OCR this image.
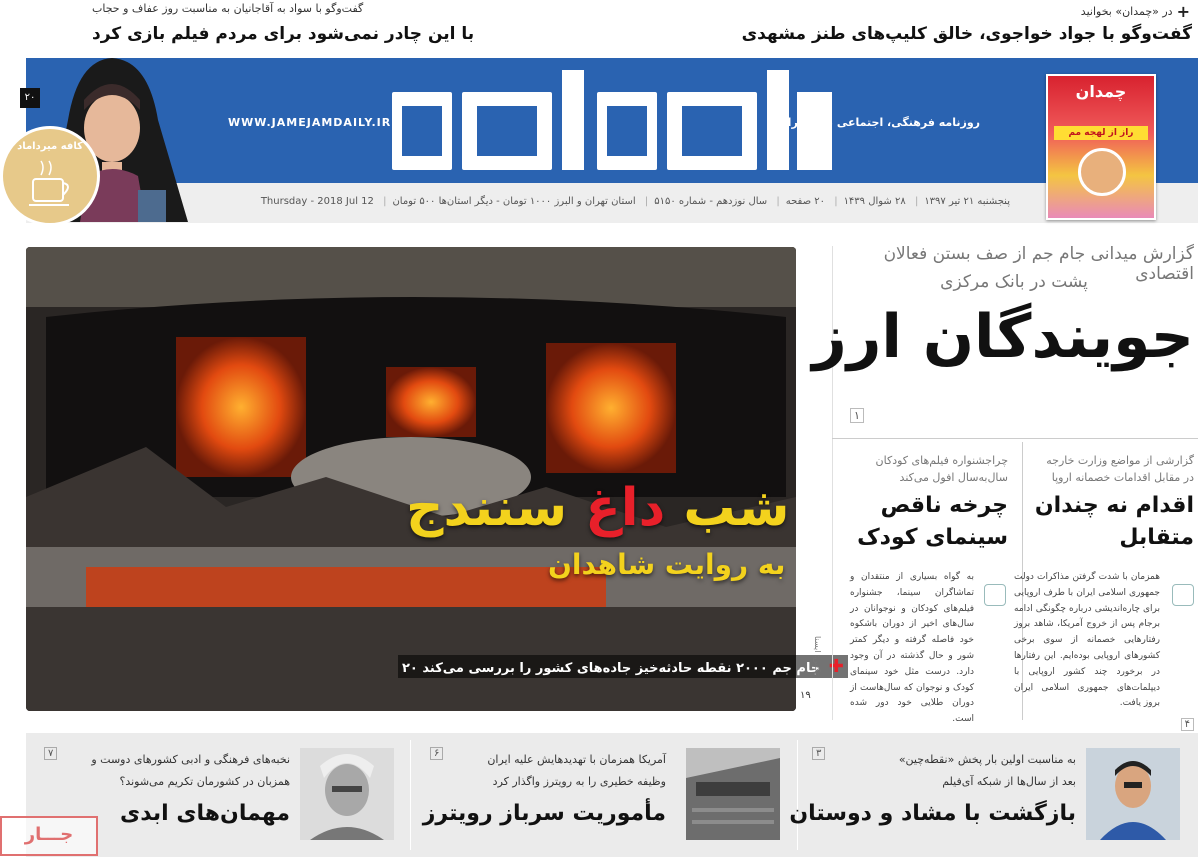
+
در «چمدان» بخوانید
گفت‌وگو با جواد خواجوی، خالق کلیپ‌های طنز مشهدی
گفت‌وگو با سواد به آقاجانیان به مناسبت روز عفاف و حجاب
با این چادر نمی‌شود برای مردم فیلم بازی کرد
روزنامه فرهنگی، اجتماعی صبح ایران
WWW.JAMEJAMDAILY.IR
چمدان
راز از لهجه مم
۲۰
کافه میرداماد
پنجشنبه ۲۱ تیر ۱۳۹۷| ۲۸ شوال ۱۴۳۹| ۲۰ صفحه| سال نوزدهم - شماره ۵۱۵۰| استان تهران و البرز ۱۰۰۰ تومان - دیگر استان‌ها ۵۰۰ تومان| Thursday - 2018 Jul 12
شب داغ سنندج
به روایت شاهدان
✚ جام جم ۲۰۰۰ نقطه حادثه‌خیز جاده‌های کشور را بررسی می‌کند ۲۰	عکس: ایسنا
۱۹
گزارش میدانی جام جم از صف بستن فعالان اقتصادی
پشت در بانک مرکزی
جویندگان ارز
۱
گزارشی از مواضع وزارت خارجه
در مقابل اقدامات خصمانه اروپا
اقدام نه چندان
متقابل
همزمان با شدت گرفتن مذاکرات دولت جمهوری اسلامی ایران با طرف اروپایی برای چاره‌اندیشی درباره چگونگی ادامه برجام پس از خروج آمریکا، شاهد بروز رفتارهایی خصمانه از سوی برخی کشورهای اروپایی بوده‌ایم. این رفتارها در برخورد چند کشور اروپایی با دیپلمات‌های جمهوری اسلامی ایران بروز یافت.
۴
چراجشنواره فیلم‌های کودکان
سال‌به‌سال افول می‌کند
چرخه ناقص
سینمای کودک
به گواه بسیاری از منتقدان و تماشاگران سینما، جشنواره فیلم‌های کودکان و نوجوانان در سال‌های اخیر از دوران باشکوه خود فاصله گرفته و دیگر کمتر شور و حال گذشته در آن وجود دارد. درست مثل خود سینمای کودک و نوجوان که سال‌هاست از دوران طلایی خود دور شده است.
به مناسبت اولین بار پخش «نقطه‌چین»
بعد از سال‌ها از شبکه آی‌فیلم
بازگشت با مشاد و دوستان
۳
آمریکا همزمان با تهدیدهایش علیه ایران
وظیفه خطیری را به رویترز واگذار کرد
مأموریت سرباز رویترز
۶
نخبه‌های فرهنگی و ادبی کشورهای دوست و
همزبان در کشورمان تکریم می‌شوند؟
مهمان‌های ابدی
۷
جـــار
